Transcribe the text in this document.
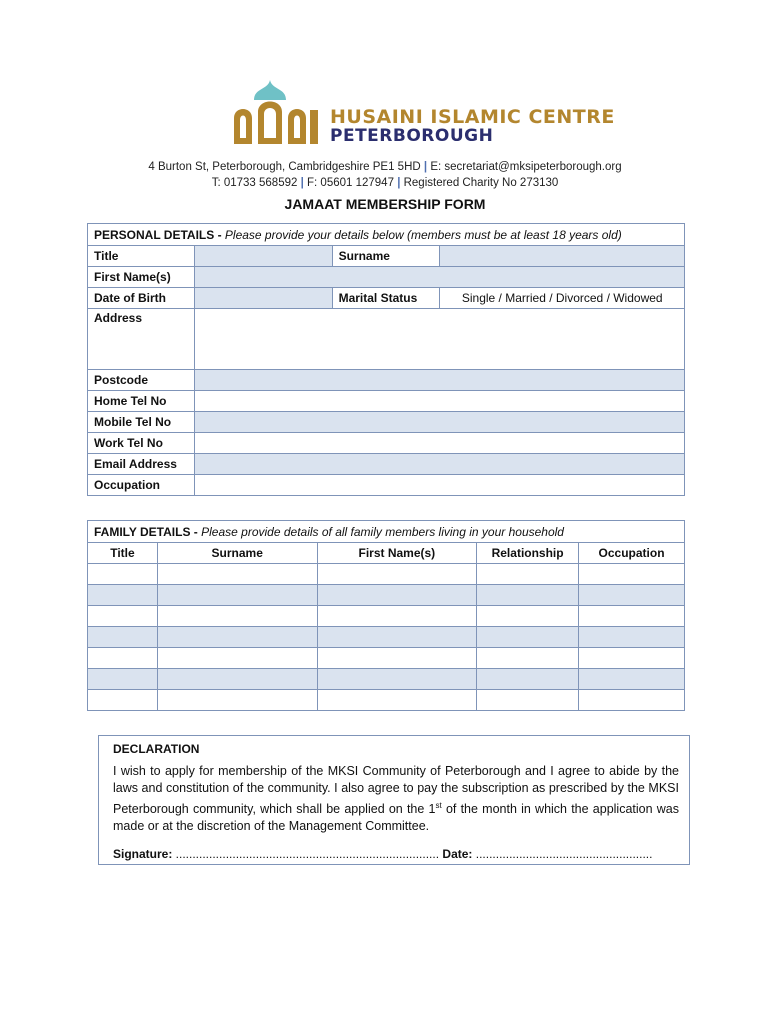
HUSAINI ISLAMIC CENTRE
PETERBOROUGH
4 Burton St, Peterborough, Cambridgeshire PE1 5HD | E: secretariat@mksipeterborough.org
T: 01733 568592 | F: 05601 127947 | Registered Charity No 273130
JAMAAT MEMBERSHIP FORM
PERSONAL DETAILS - Please provide your details below (members must be at least 18 years old)			
Title		Surname	
First Name(s)			
Date of Birth		Marital Status	Single / Married / Divorced / Widowed
Address			
Postcode			
Home Tel No			
Mobile Tel No			
Work Tel No			
Email Address			
Occupation			
FAMILY DETAILS - Please provide details of all family members living in your household				
Title	Surname	First Name(s)	Relationship	Occupation

DECLARATION
I wish to apply for membership of the MKSI Community of Peterborough and I agree to abide by the laws and constitution of the community. I also agree to pay the subscription as prescribed by the MKSI Peterborough community, which shall be applied on the 1st of the month in which the application was made or at the discretion of the Management Committee.
Signature: ............................................................................... Date: .....................................................
